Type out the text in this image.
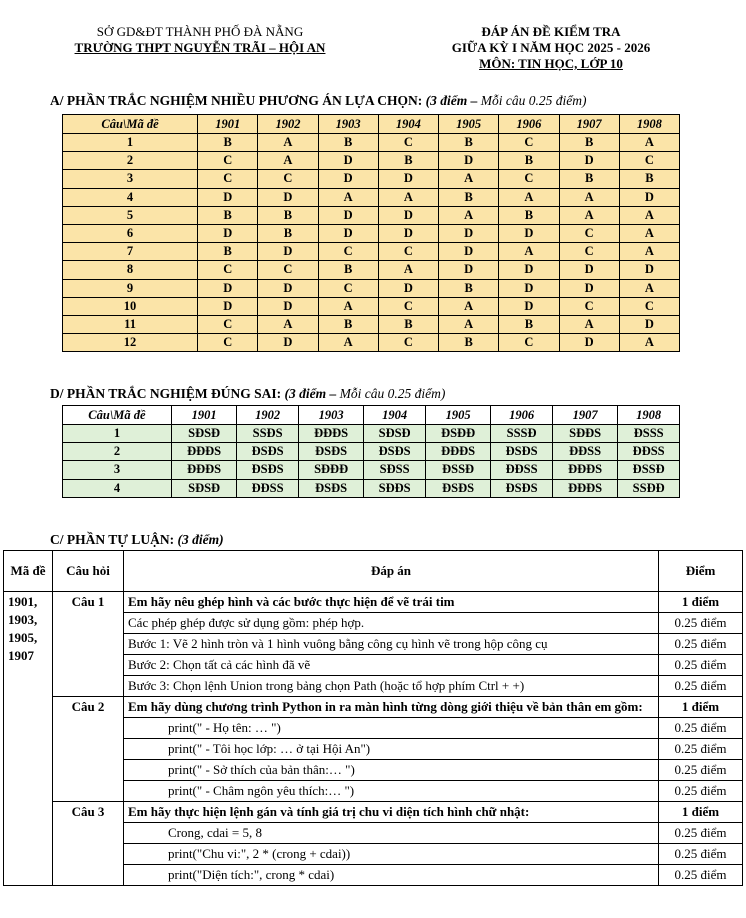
SỞ GD&ĐT THÀNH PHỐ ĐÀ NẴNG
TRƯỜNG THPT NGUYỄN TRÃI – HỘI AN
ĐÁP ÁN ĐỀ KIỂM TRA
GIỮA KỲ I NĂM HỌC 2025 - 2026
MÔN: TIN HỌC, LỚP 10
A/ PHẦN TRẮC NGHIỆM NHIỀU PHƯƠNG ÁN LỰA CHỌN: (3 điểm – Mỗi câu 0.25 điểm)
Câu\Mã đề	1901	1902	1903	1904	1905	1906	1907	1908
1	B	A	B	C	B	C	B	A
2	C	A	D	B	D	B	D	C
3	C	C	D	D	A	C	B	B
4	D	D	A	A	B	A	A	D
5	B	B	D	D	A	B	A	A
6	D	B	D	D	D	D	C	A
7	B	D	C	C	D	A	C	A
8	C	C	B	A	D	D	D	D
9	D	D	C	D	B	D	D	A
10	D	D	A	C	A	D	C	C
11	C	A	B	B	A	B	A	D
12	C	D	A	C	B	C	D	A
D/ PHẦN TRẮC NGHIỆM ĐÚNG SAI: (3 điểm – Mỗi câu 0.25 điểm)
Câu\Mã đề	1901	1902	1903	1904	1905	1906	1907	1908
1	SĐSĐ	SSĐS	ĐĐĐS	SĐSĐ	ĐSĐĐ	SSSĐ	SĐĐS	ĐSSS
2	ĐĐĐS	ĐSĐS	ĐSĐS	ĐSĐS	ĐĐĐS	ĐSĐS	ĐĐSS	ĐĐSS
3	ĐĐĐS	ĐSĐS	SĐĐĐ	SĐSS	ĐSSĐ	ĐĐSS	ĐĐĐS	ĐSSĐ
4	SĐSĐ	ĐĐSS	ĐSĐS	SĐĐS	ĐSĐS	ĐSĐS	ĐĐĐS	SSĐĐ
C/ PHẦN TỰ LUẬN: (3 điểm)
Mã đề	Câu hỏi	Đáp án	Điểm

1901,
1903,
1905,
1907	Câu 1	Em hãy nêu ghép hình và các bước thực hiện để vẽ trái tim	1 điểm
		Các phép ghép được sử dụng gồm: phép hợp.	0.25 điểm
		Bước 1: Vẽ 2 hình tròn và 1 hình vuông bằng công cụ hình vẽ trong hộp công cụ	0.25 điểm
		Bước 2: Chọn tất cả các hình đã vẽ	0.25 điểm
		Bước 3: Chọn lệnh Union trong bảng chọn Path (hoặc tổ hợp phím Ctrl + +)	0.25 điểm
	Câu 2	Em hãy dùng chương trình Python in ra màn hình từng dòng giới thiệu về bản thân em gồm:	1 điểm
		print(" - Họ tên: … ")	0.25 điểm
		print(" - Tôi học lớp: … ở tại Hội An")	0.25 điểm
		print(" - Sở thích của bản thân:… ")	0.25 điểm
		print(" - Châm ngôn yêu thích:… ")	0.25 điểm
	Câu 3	Em hãy thực hiện lệnh gán và tính giá trị chu vi diện tích hình chữ nhật:	1 điểm
		Crong, cdai = 5, 8	0.25 điểm
		print("Chu vi:", 2 * (crong + cdai))	0.25 điểm
		print("Diện tích:", crong * cdai)	0.25 điểm
